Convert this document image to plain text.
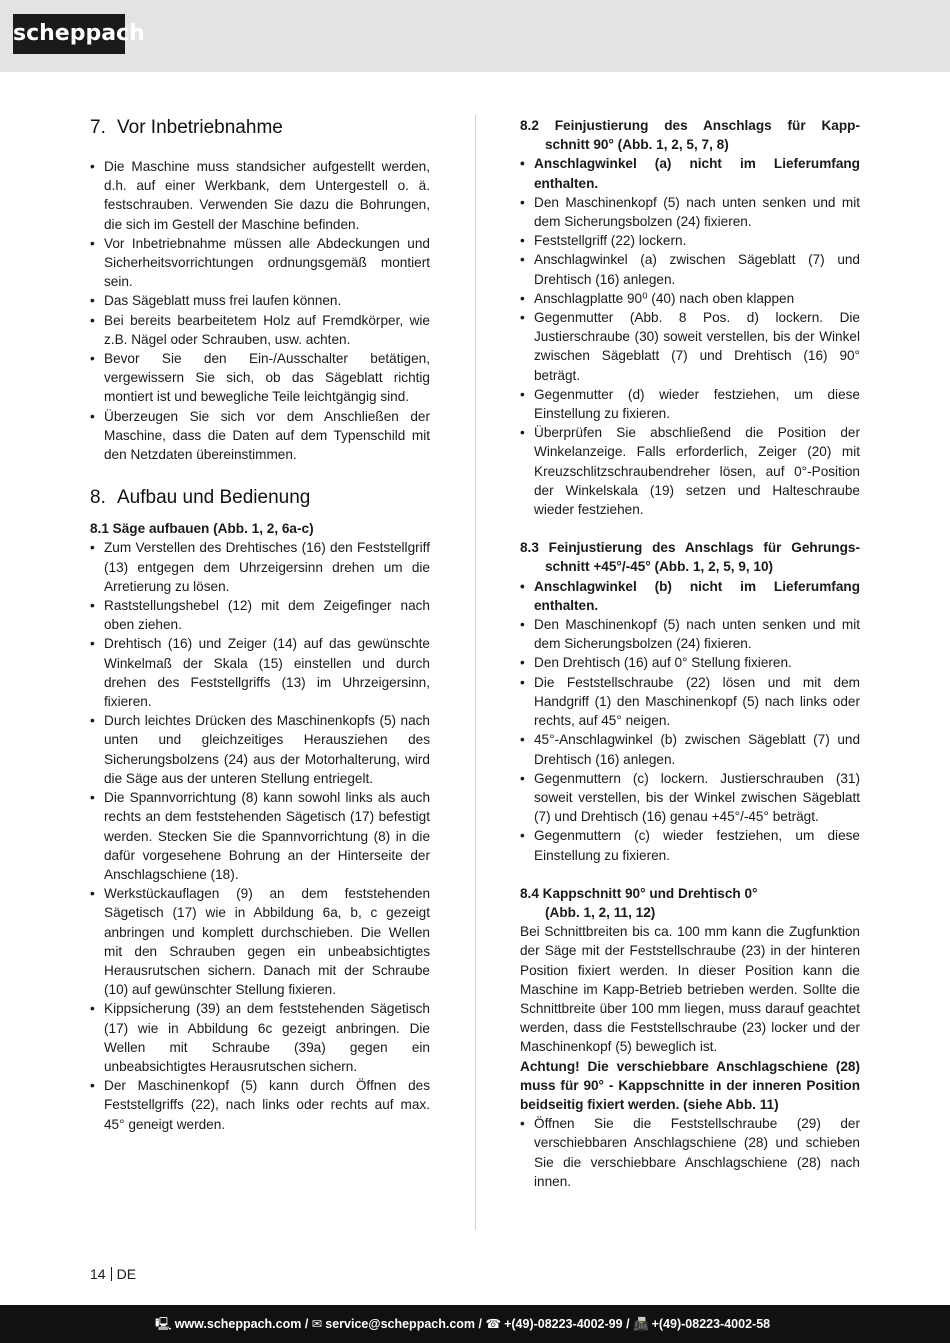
scheppach
7. Vor Inbetriebnahme
• Die Maschine muss standsicher aufgestellt werden, d.h. auf einer Werkbank, dem Untergestell o. ä. festschrauben. Verwenden Sie dazu die Bohrungen, die sich im Gestell der Maschine befinden.
• Vor Inbetriebnahme müssen alle Abdeckungen und Sicherheitsvorrichtungen ordnungsgemäß montiert sein.
• Das Sägeblatt muss frei laufen können.
• Bei bereits bearbeitetem Holz auf Fremdkörper, wie z.B. Nägel oder Schrauben, usw. achten.
• Bevor Sie den Ein-/Ausschalter betätigen, vergewissern Sie sich, ob das Sägeblatt richtig montiert ist und bewegliche Teile leichtgängig sind.
• Überzeugen Sie sich vor dem Anschließen der Maschine, dass die Daten auf dem Typenschild mit den Netzdaten übereinstimmen.
8. Aufbau und Bedienung

8.1 Säge aufbauen (Abb. 1, 2, 6a-c)

• Zum Verstellen des Drehtisches (16) den Feststellgriff (13) entgegen dem Uhrzeigersinn drehen um die Arretierung zu lösen.
• Raststellungshebel (12) mit dem Zeigefinger nach oben ziehen.
• Drehtisch (16) und Zeiger (14) auf das gewünschte Winkelmaß der Skala (15) einstellen und durch drehen des Feststellgriffs (13) im Uhrzeigersinn, fixieren.
• Durch leichtes Drücken des Maschinenkopfs (5) nach unten und gleichzeitiges Herausziehen des Sicherungsbolzens (24) aus der Motorhalterung, wird die Säge aus der unteren Stellung entriegelt.
• Die Spannvorrichtung (8) kann sowohl links als auch rechts an dem feststehenden Sägetisch (17) befestigt werden. Stecken Sie die Spannvorrichtung (8) in die dafür vorgesehene Bohrung an der Hinterseite der Anschlagschiene (18).
• Werkstückauflagen (9) an dem feststehenden Sägetisch (17) wie in Abbildung 6a, b, c gezeigt anbringen und komplett durchschieben. Die Wellen mit den Schrauben gegen ein unbeabsichtigtes Herausrutschen sichern. Danach mit der Schraube (10) auf gewünschter Stellung fixieren.
• Kippsicherung (39) an dem feststehenden Sägetisch (17) wie in Abbildung 6c gezeigt anbringen. Die Wellen mit Schraube (39a) gegen ein unbeabsichtigtes Herausrutschen sichern.
• Der Maschinenkopf (5) kann durch Öffnen des Feststellgriffs (22), nach links oder rechts auf max. 45° geneigt werden.

8.2 Feinjustierung des Anschlags für Kapp-
schnitt 90° (Abb. 1, 2, 5, 7, 8)

• Anschlagwinkel (a) nicht im Lieferumfang enthalten.
• Den Maschinenkopf (5) nach unten senken und mit dem Sicherungsbolzen (24) fixieren.
• Feststellgriff (22) lockern.
• Anschlagwinkel (a) zwischen Sägeblatt (7) und Drehtisch (16) anlegen.
• Anschlagplatte 90⁰ (40) nach oben klappen
• Gegenmutter (Abb. 8 Pos. d) lockern. Die Justierschraube (30) soweit verstellen, bis der Winkel zwischen Sägeblatt (7) und Drehtisch (16) 90° beträgt.
• Gegenmutter (d) wieder festziehen, um diese Einstellung zu fixieren.
• Überprüfen Sie abschließend die Position der Winkelanzeige. Falls erforderlich, Zeiger (20) mit Kreuzschlitzschraubendreher lösen, auf 0°-Position der Winkelskala (19) setzen und Halteschraube wieder festziehen.

8.3 Feinjustierung des Anschlags für Gehrungs-
schnitt +45°/-45° (Abb. 1, 2, 5, 9, 10)

• Anschlagwinkel (b) nicht im Lieferumfang enthalten.
• Den Maschinenkopf (5) nach unten senken und mit dem Sicherungsbolzen (24) fixieren.
• Den Drehtisch (16) auf 0° Stellung fixieren.
• Die Feststellschraube (22) lösen und mit dem Handgriff (1) den Maschinenkopf (5) nach links oder rechts, auf 45° neigen.
• 45°-Anschlagwinkel (b) zwischen Sägeblatt (7) und Drehtisch (16) anlegen.
• Gegenmuttern (c) lockern. Justierschrauben (31) soweit verstellen, bis der Winkel zwischen Sägeblatt (7) und Drehtisch (16) genau +45°/-45° beträgt.
• Gegenmuttern (c) wieder festziehen, um diese Einstellung zu fixieren.

8.4 Kappschnitt 90° und Drehtisch 0°
(Abb. 1, 2, 11, 12)

Bei Schnittbreiten bis ca. 100 mm kann die Zugfunktion der Säge mit der Feststellschraube (23) in der hinteren Position fixiert werden. In dieser Position kann die Maschine im Kapp-Betrieb betrieben werden. Sollte die Schnittbreite über 100 mm liegen, muss darauf geachtet werden, dass die Feststellschraube (23) locker und der Maschinenkopf (5) beweglich ist.

Achtung! Die verschiebbare Anschlagschiene (28) muss für 90° - Kappschnitte in der inneren Position beidseitig fixiert werden. (siehe Abb. 11)

• Öffnen Sie die Feststellschraube (29) der verschiebbaren Anschlagschiene (28) und schieben Sie die verschiebbare Anschlagschiene (28) nach innen.
14 DE
🖳 www.scheppach.com / ✉ service@scheppach.com / ☎ +(49)-08223-4002-99 / 📠 +(49)-08223-4002-58
